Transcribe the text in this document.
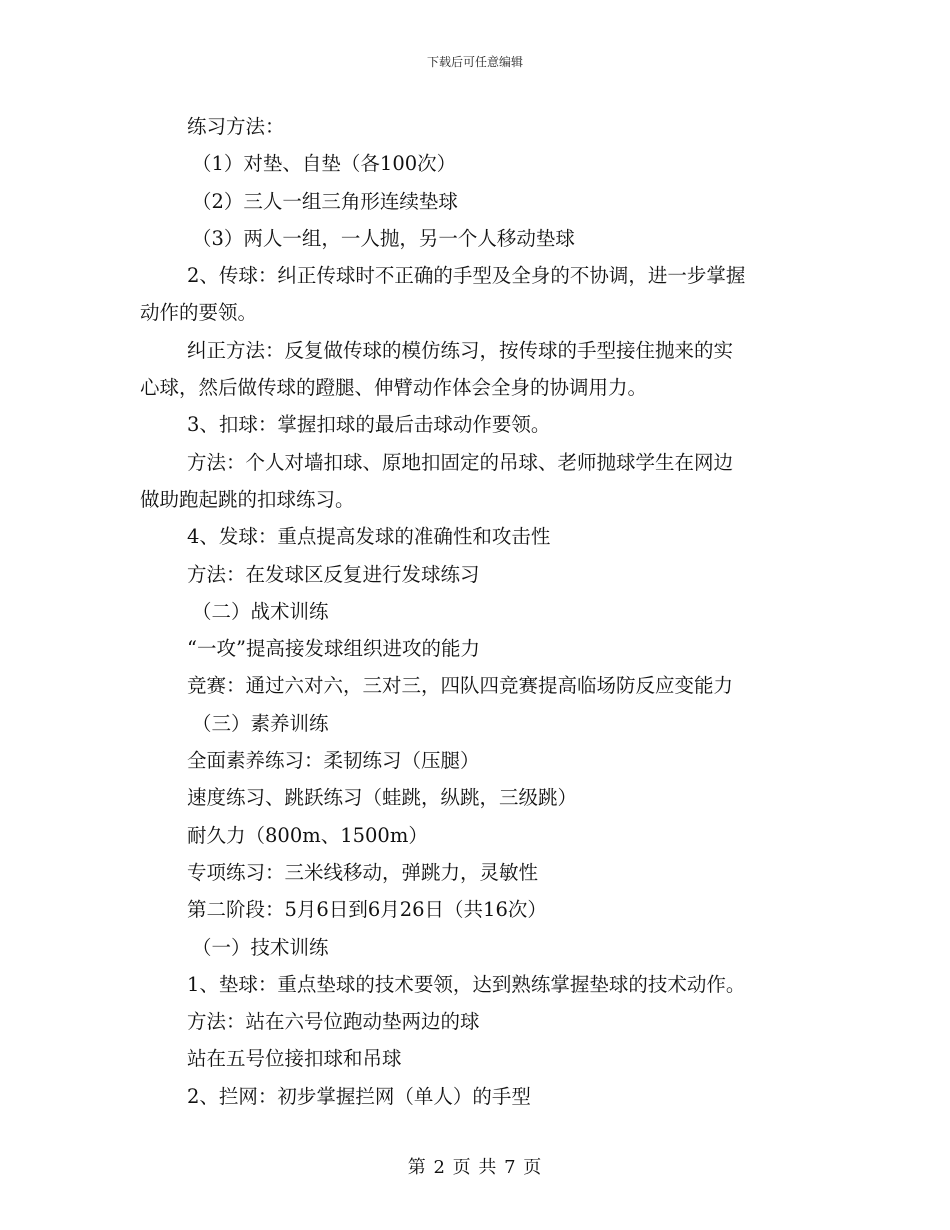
下载后可任意编辑
练习方法：
（1）对垫、自垫（各100次）
（2）三人一组三角形连续垫球
（3）两人一组，一人抛，另一个人移动垫球
2、传球：纠正传球时不正确的手型及全身的不协调，进一步掌握
动作的要领。
纠正方法：反复做传球的模仿练习，按传球的手型接住抛来的实
心球，然后做传球的蹬腿、伸臂动作体会全身的协调用力。
3、扣球：掌握扣球的最后击球动作要领。
方法：个人对墙扣球、原地扣固定的吊球、老师抛球学生在网边
做助跑起跳的扣球练习。
4、发球：重点提高发球的准确性和攻击性
方法：在发球区反复进行发球练习
（二）战术训练
“一攻”提高接发球组织进攻的能力
竞赛：通过六对六，三对三，四队四竞赛提高临场防反应变能力
（三）素养训练
全面素养练习：柔韧练习（压腿）
速度练习、跳跃练习（蛙跳，纵跳，三级跳）
耐久力（800m、1500m）
专项练习：三米线移动，弹跳力，灵敏性
第二阶段：5月6日到6月26日（共16次）
（一）技术训练
1、垫球：重点垫球的技术要领，达到熟练掌握垫球的技术动作。
方法：站在六号位跑动垫两边的球
站在五号位接扣球和吊球
2、拦网：初步掌握拦网（单人）的手型
第 2 页 共 7 页
